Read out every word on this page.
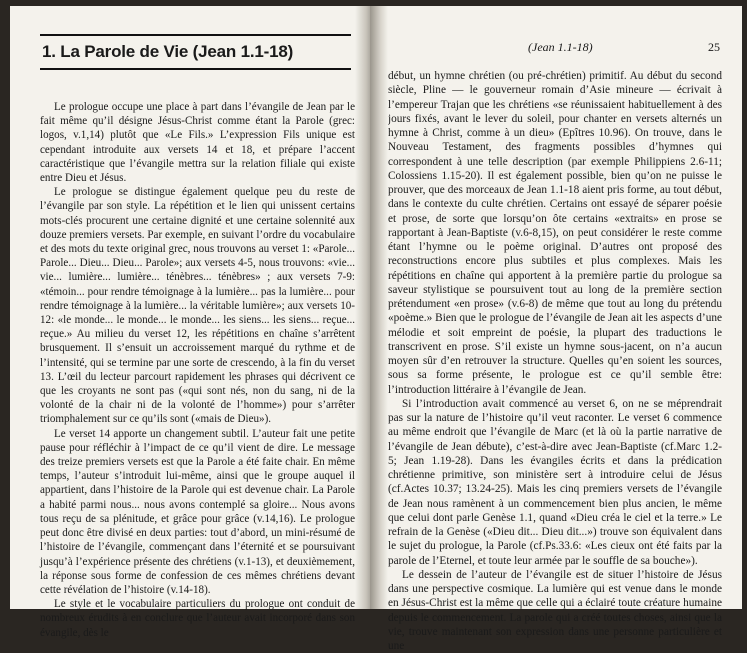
1. La Parole de Vie (Jean 1.1-18)

Le prologue occupe une place à part dans l’évangile de Jean par le fait même qu’il désigne Jésus-Christ comme étant la Parole (grec: logos, v.1,14) plutôt que «Le Fils.» L’expression Fils unique est cependant introduite aux versets 14 et 18, et prépare l’accent caractéristique que l’évangile mettra sur la relation filiale qui existe entre Dieu et Jésus.

Le prologue se distingue également quelque peu du reste de l’évangile par son style. La répétition et le lien qui unissent certains mots-clés procurent une certaine dignité et une certaine solennité aux douze premiers versets. Par exemple, en suivant l’ordre du vocabulaire et des mots du texte original grec, nous trouvons au verset 1: «Parole... Parole... Dieu... Dieu... Parole»; aux versets 4-5, nous trouvons: «vie... vie... lumière... lumière... ténèbres... ténèbres» ; aux versets 7-9: «témoin... pour rendre témoignage à la lumière... pas la lumière... pour rendre témoignage à la lumière... la véritable lumière»; aux versets 10-12: «le monde... le monde... le monde... les siens... les siens... reçue... reçue.» Au milieu du verset 12, les répétitions en chaîne s’arrêtent brusquement. Il s’ensuit un accroissement marqué du rythme et de l’intensité, qui se termine par une sorte de crescendo, à la fin du verset 13. L’œil du lecteur parcourt rapidement les phrases qui décrivent ce que les croyants ne sont pas («qui sont nés, non du sang, ni de la volonté de la chair ni de la volonté de l’homme») pour s’arrêter triomphalement sur ce qu’ils sont («mais de Dieu»).

Le verset 14 apporte un changement subtil. L’auteur fait une petite pause pour réfléchir à l’impact de ce qu’il vient de dire. Le message des treize premiers versets est que la Parole a été faite chair. En même temps, l’auteur s’introduit lui-même, ainsi que le groupe auquel il appartient, dans l’histoire de la Parole qui est devenue chair. La Parole a habité parmi nous... nous avons contemplé sa gloire... Nous avons tous reçu de sa plénitude, et grâce pour grâce (v.14,16). Le prologue peut donc être divisé en deux parties: tout d’abord, un mini-résumé de l’histoire de l’évangile, commençant dans l’éternité et se poursuivant jusqu’à l’expérience présente des chrétiens (v.1-13), et deuxièmement, la réponse sous forme de confession de ces mêmes chrétiens devant cette révélation de l’histoire (v.14-18).

Le style et le vocabulaire particuliers du prologue ont conduit de nombreux érudits à en conclure que l’auteur avait incorporé dans son évangile, dès le

(Jean 1.1-18)	25

début, un hymne chrétien (ou pré-chrétien) primitif. Au début du second siècle, Pline — le gouverneur romain d’Asie mineure — écrivait à l’empereur Trajan que les chrétiens «se réunissaient habituellement à des jours fixés, avant le lever du soleil, pour chanter en versets alternés un hymne à Christ, comme à un dieu» (Epîtres 10.96). On trouve, dans le Nouveau Testament, des fragments possibles d’hymnes qui correspondent à une telle description (par exemple Philippiens 2.6-11; Colossiens 1.15-20). Il est également possible, bien qu’on ne puisse le prouver, que des morceaux de Jean 1.1-18 aient pris forme, au tout début, dans le contexte du culte chrétien. Certains ont essayé de séparer poésie et prose, de sorte que lorsqu’on ôte certains «extraits» en prose se rapportant à Jean-Baptiste (v.6-8,15), on peut considérer le reste comme étant l’hymne ou le poème original. D’autres ont proposé des reconstructions encore plus subtiles et plus complexes. Mais les répétitions en chaîne qui apportent à la première partie du prologue sa saveur stylistique se poursuivent tout au long de la première section prétendument «en prose» (v.6-8) de même que tout au long du prétendu «poème.» Bien que le prologue de l’évangile de Jean ait les aspects d’une mélodie et soit empreint de poésie, la plupart des traductions le transcrivent en prose. S’il existe un hymne sous-jacent, on n’a aucun moyen sûr d’en retrouver la structure. Quelles qu’en soient les sources, sous sa forme présente, le prologue est ce qu’il semble être: l’introduction littéraire à l’évangile de Jean.

Si l’introduction avait commencé au verset 6, on ne se méprendrait pas sur la nature de l’histoire qu’il veut raconter. Le verset 6 commence au même endroit que l’évangile de Marc (et là où la partie narrative de l’évangile de Jean débute), c’est-à-dire avec Jean-Baptiste (cf.Marc 1.2-5; Jean 1.19-28). Dans les évangiles écrits et dans la prédication chrétienne primitive, son ministère sert à introduire celui de Jésus (cf.Actes 10.37; 13.24-25). Mais les cinq premiers versets de l’évangile de Jean nous ramènent à un commencement bien plus ancien, le même que celui dont parle Genèse 1.1, quand «Dieu créa le ciel et la terre.» Le refrain de la Genèse («Dieu dit... Dieu dit...») trouve son équivalent dans le sujet du prologue, la Parole (cf.Ps.33.6: «Les cieux ont été faits par la parole de l’Eternel, et toute leur armée par le souffle de sa bouche»).

Le dessein de l’auteur de l’évangile est de situer l’histoire de Jésus dans une perspective cosmique. La lumière qui est venue dans le monde en Jésus-Christ est la même que celle qui a éclairé toute créature humaine depuis le commencement. La parole qui a créé toutes choses, ainsi que la vie, trouve maintenant son expression dans une personne particulière et une
